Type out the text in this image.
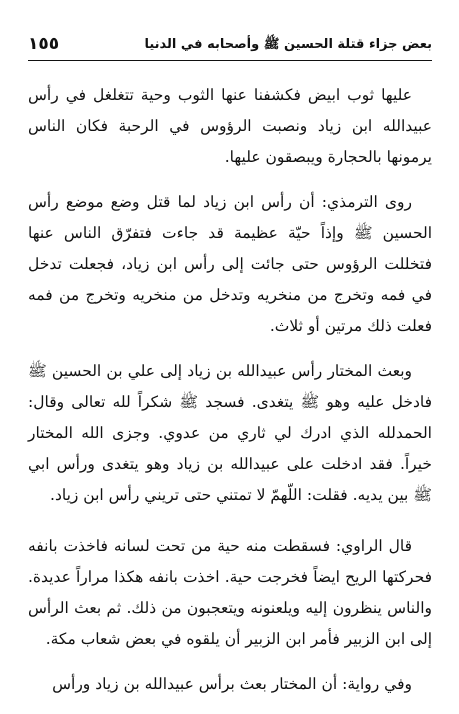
بعض جزاء قتلة الحسين ﷺ وأصحابه في الدنيا
١٥٥

عليها ثوب ابيض فكشفنا عنها الثوب وحية تتغلغل في رأس عبيدالله ابن زياد ونصبت الرؤوس في الرحبة فكان الناس يرمونها بالحجارة ويبصقون عليها.

روى الترمذي: أن رأس ابن زياد لما قتل وضع موضع رأس الحسين ﷺ وإذاً حيّة عظيمة قد جاءت فتفرّق الناس عنها فتخللت الرؤوس حتى جائت إلى رأس ابن زياد، فجعلت تدخل في فمه وتخرج من منخريه وتدخل من منخريه وتخرج من فمه فعلت ذلك مرتين أو ثلاث.

وبعث المختار رأس عبيدالله بن زياد إلى علي بن الحسين ﷺ فادخل عليه وهو ﷺ يتغدى. فسجد ﷺ شكراً لله تعالى وقال: الحمدلله الذي ادرك لي ثاري من عدوي. وجزى الله المختار خيراً. فقد ادخلت على عبيدالله بن زياد وهو يتغدى ورأس ابي ﷺ بين يديه. فقلت: اللّهمّ لا تمتني حتى تريني رأس ابن زياد.

قال الراوي: فسقطت منه حية من تحت لسانه فاخذت بانفه فحركتها الريح ايضاً فخرجت حية. اخذت بانفه هكذا مراراً عديدة. والناس ينظرون إليه ويلعنونه ويتعجبون من ذلك. ثم بعث الرأس إلى ابن الزبير فأمر ابن الزبير أن يلقوه في بعض شعاب مكة.

وفي رواية: أن المختار بعث برأس عبيدالله بن زياد ورأس
